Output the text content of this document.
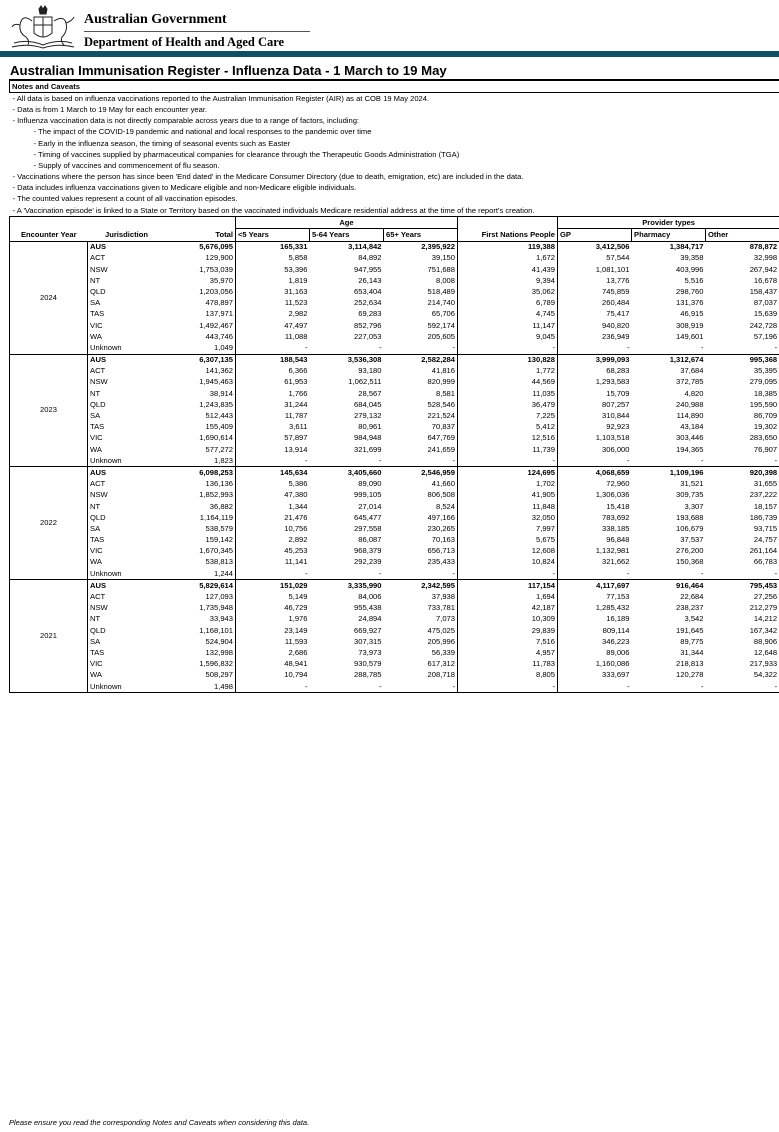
Australian Government
Department of Health and Aged Care
Australian Immunisation Register - Influenza Data - 1 March to 19 May
Notes and Caveats									
- All data is based on influenza vaccinations reported to the Australian Immunisation Register (AIR) as at COB 19 May 2024.									
- Data is from 1 March to 19 May for each encounter year.									
- Influenza vaccination data is not directly comparable across years due to a range of factors, including:									
- The impact of the COVID-19 pandemic and national and local responses to the pandemic over time									
- Early in the influenza season, the timing of seasonal events such as Easter									
- Timing of vaccines supplied by pharmaceutical companies for clearance through the Therapeutic Goods Administration (TGA)									
- Supply of vaccines and commencement of flu season.									
- Vaccinations where the person has since been 'End dated' in the Medicare Consumer Directory (due to death, emigration, etc) are included in the data.									
- Data includes influenza vaccinations given to Medicare eligible and non-Medicare eligible individuals.									
- The counted values represent a count of all vaccination episodes.									
- A 'Vaccination episode' is linked to a State or Territory based on the vaccinated individuals Medicare residential address at the time of the report's creation.									
			Age				Provider types		
Encounter Year	Jurisdiction	Total	<5 Years	5-64 Years	65+ Years	First Nations People	GP	Pharmacy	Other
2024	AUS	5,676,095	165,331	3,114,842	2,395,922	119,388	3,412,506	1,384,717	878,872
	ACT	129,900	5,858	84,892	39,150	1,672	57,544	39,358	32,998
	NSW	1,753,039	53,396	947,955	751,688	41,439	1,081,101	403,996	267,942
	NT	35,970	1,819	26,143	8,008	9,394	13,776	5,516	16,678
	QLD	1,203,056	31,163	653,404	518,489	35,062	745,859	298,760	158,437
	SA	478,897	11,523	252,634	214,740	6,789	260,484	131,376	87,037
	TAS	137,971	2,982	69,283	65,706	4,745	75,417	46,915	15,639
	VIC	1,492,467	47,497	852,796	592,174	11,147	940,820	308,919	242,728
	WA	443,746	11,088	227,053	205,605	9,045	236,949	149,601	57,196
	Unknown	1,049	-	-	-	-	-	-	-
2023	AUS	6,307,135	188,543	3,536,308	2,582,284	130,828	3,999,093	1,312,674	995,368
	ACT	141,362	6,366	93,180	41,816	1,772	68,283	37,684	35,395
	NSW	1,945,463	61,953	1,062,511	820,999	44,569	1,293,583	372,785	279,095
	NT	38,914	1,766	28,567	8,581	11,035	15,709	4,820	18,385
	QLD	1,243,835	31,244	684,045	528,546	36,479	807,257	240,988	195,590
	SA	512,443	11,787	279,132	221,524	7,225	310,844	114,890	86,709
	TAS	155,409	3,611	80,961	70,837	5,412	92,923	43,184	19,302
	VIC	1,690,614	57,897	984,948	647,769	12,516	1,103,518	303,446	283,650
	WA	577,272	13,914	321,699	241,659	11,739	306,000	194,365	76,907
	Unknown	1,823	-	-	-	-	-	-	-
2022	AUS	6,098,253	145,634	3,405,660	2,546,959	124,695	4,068,659	1,109,196	920,398
	ACT	136,136	5,386	89,090	41,660	1,702	72,960	31,521	31,655
	NSW	1,852,993	47,380	999,105	806,508	41,905	1,306,036	309,735	237,222
	NT	36,882	1,344	27,014	8,524	11,848	15,418	3,307	18,157
	QLD	1,164,119	21,476	645,477	497,166	32,050	783,692	193,688	186,739
	SA	538,579	10,756	297,558	230,265	7,997	338,185	106,679	93,715
	TAS	159,142	2,892	86,087	70,163	5,675	96,848	37,537	24,757
	VIC	1,670,345	45,253	968,379	656,713	12,608	1,132,981	276,200	261,164
	WA	538,813	11,141	292,239	235,433	10,824	321,662	150,368	66,783
	Unknown	1,244	-	-	-	-	-	-	-
2021	AUS	5,829,614	151,029	3,335,990	2,342,595	117,154	4,117,697	916,464	795,453
	ACT	127,093	5,149	84,006	37,938	1,694	77,153	22,684	27,256
	NSW	1,735,948	46,729	955,438	733,781	42,187	1,285,432	238,237	212,279
	NT	33,943	1,976	24,894	7,073	10,309	16,189	3,542	14,212
	QLD	1,168,101	23,149	669,927	475,025	29,839	809,114	191,645	167,342
	SA	524,904	11,593	307,315	205,996	7,516	346,223	89,775	88,906
	TAS	132,998	2,686	73,973	56,339	4,957	89,006	31,344	12,648
	VIC	1,596,832	48,941	930,579	617,312	11,783	1,160,086	218,813	217,933
	WA	508,297	10,794	288,785	208,718	8,805	333,697	120,278	54,322
	Unknown	1,498	-	-	-	-	-	-	-
Please ensure you read the corresponding Notes and Caveats when considering this data.
